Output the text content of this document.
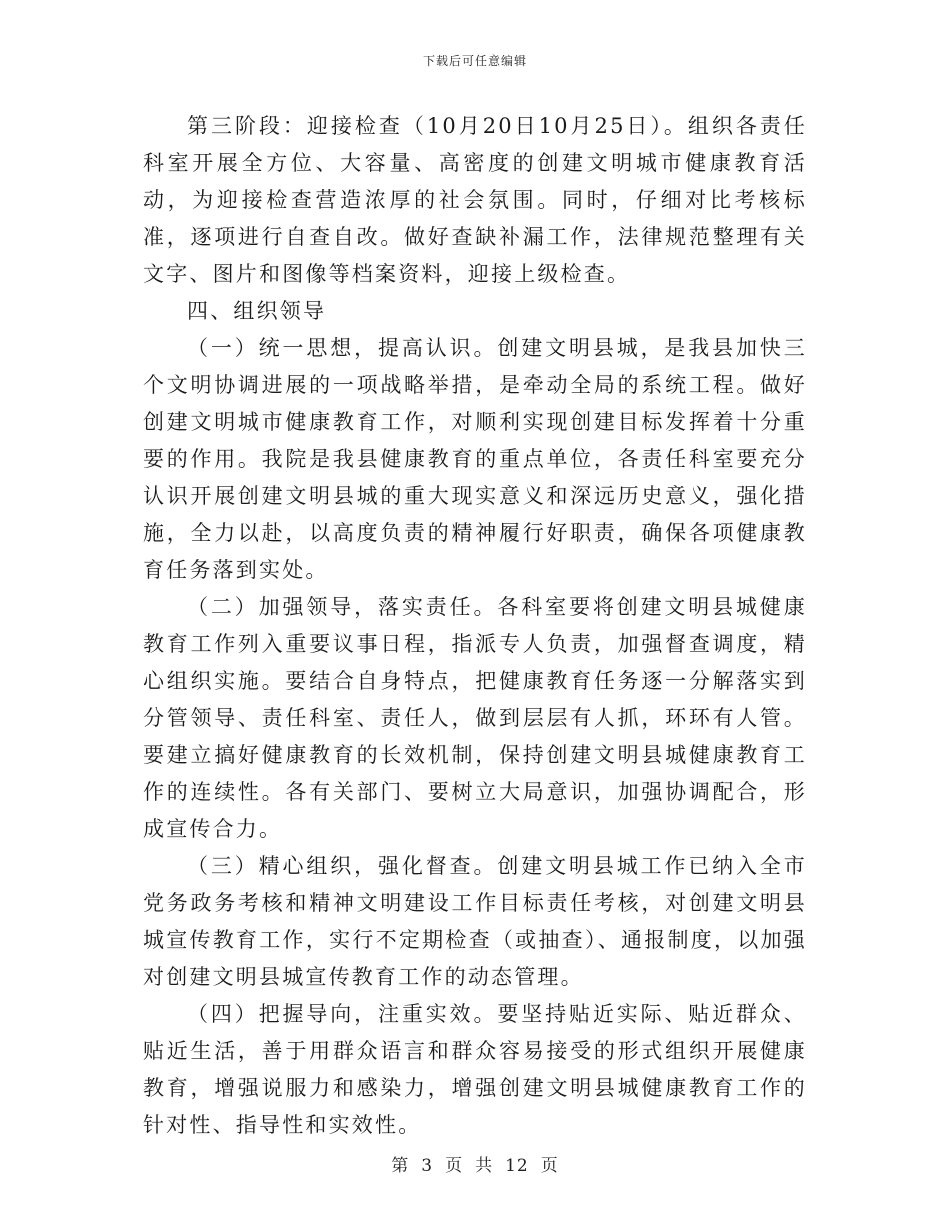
下载后可任意编辑

第三阶段：迎接检查（10月20日10月25日）。组织各责任科室开展全方位、大容量、高密度的创建文明城市健康教育活动，为迎接检查营造浓厚的社会氛围。同时，仔细对比考核标准，逐项进行自查自改。做好查缺补漏工作，法律规范整理有关文字、图片和图像等档案资料，迎接上级检查。

四、组织领导

（一）统一思想，提高认识。创建文明县城，是我县加快三个文明协调进展的一项战略举措，是牵动全局的系统工程。做好创建文明城市健康教育工作，对顺利实现创建目标发挥着十分重要的作用。我院是我县健康教育的重点单位，各责任科室要充分认识开展创建文明县城的重大现实意义和深远历史意义，强化措施，全力以赴，以高度负责的精神履行好职责，确保各项健康教育任务落到实处。

（二）加强领导，落实责任。各科室要将创建文明县城健康教育工作列入重要议事日程，指派专人负责，加强督查调度，精心组织实施。要结合自身特点，把健康教育任务逐一分解落实到分管领导、责任科室、责任人，做到层层有人抓，环环有人管。要建立搞好健康教育的长效机制，保持创建文明县城健康教育工作的连续性。各有关部门、要树立大局意识，加强协调配合，形成宣传合力。

（三）精心组织，强化督查。创建文明县城工作已纳入全市党务政务考核和精神文明建设工作目标责任考核，对创建文明县城宣传教育工作，实行不定期检查（或抽查）、通报制度，以加强对创建文明县城宣传教育工作的动态管理。

（四）把握导向，注重实效。要坚持贴近实际、贴近群众、贴近生活，善于用群众语言和群众容易接受的形式组织开展健康教育，增强说服力和感染力，增强创建文明县城健康教育工作的针对性、指导性和实效性。

第 3 页 共 12 页
